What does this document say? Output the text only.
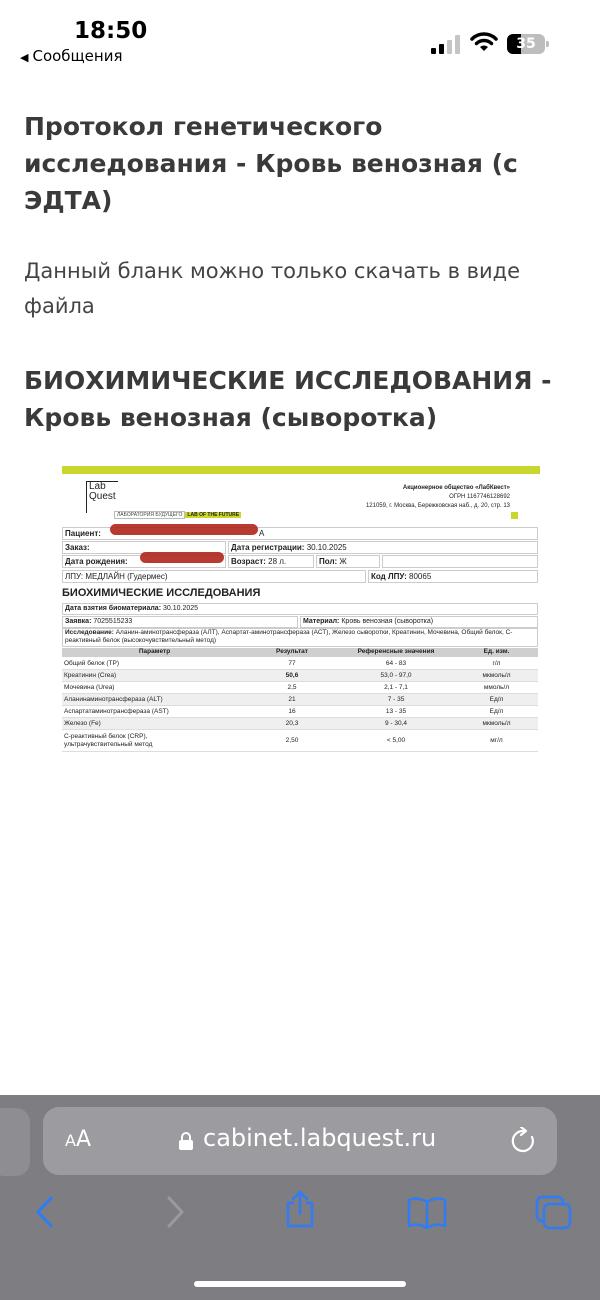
18:50
◀ Сообщения
35
Протокол генетического исследования - Кровь венозная (с ЭДТА)
Данный бланк можно только скачать в виде файла
БИОХИМИЧЕСКИЕ ИССЛЕДОВАНИЯ - Кровь венозная (сыворотка)
Lab
Quest
ЛАБОРАТОРИЯ БУДУЩЕГО LAB OF THE FUTURE
Акционерное общество «ЛабКвест»
ОГРН 1167746128692
121059, г. Москва, Бережковская наб., д. 20, стр. 13
Пациент:	А
Заказ:	Дата регистрации: 30.10.2025
Дата рождения:	Возраст: 28 л.	Пол: Ж
ЛПУ: МЕДЛАЙН (Гудермес)	Код ЛПУ: 80065
БИОХИМИЧЕСКИЕ ИССЛЕДОВАНИЯ
Дата взятия биоматериала: 30.10.2025
Заявка: 7025515233	Материал: Кровь венозная (сыворотка)
Исследование: Аланин-аминотрансфераза (АЛТ), Аспартат-аминотрансфераза (АСТ), Железо сыворотки, Креатинин, Мочевина, Общий белок, С-реактивный белок (высокочувствительный метод)
Параметр	Результат	Референсные значения	Ед. изм.
Общий белок (TP)	77	64 - 83	г/л
Креатинин (Crea)	50,6	53,0 - 97,0	мкмоль/л
Мочевина (Urea)	2,5	2,1 - 7,1	ммоль/л
Аланинаминотрансфераза (ALT)	21	7 - 35	Ед/л
Аспартатаминотрансфераза (AST)	16	13 - 35	Ед/л
Железо (Fe)	20,3	9 - 30,4	мкмоль/л
С-реактивный белок (CRP), ультрачувствительный метод
2,50	< 5,00	мг/л
AA	cabinet.labquest.ru
